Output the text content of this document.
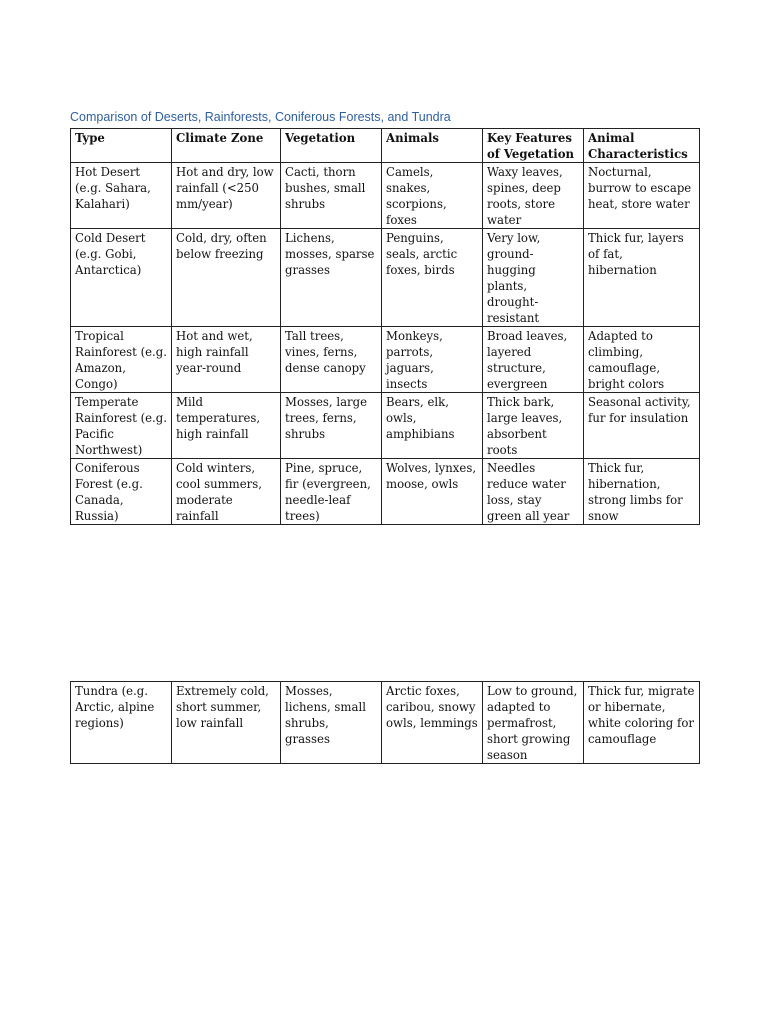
Comparison of Deserts, Rainforests, Coniferous Forests, and Tundra
Type	Climate Zone	Vegetation	Animals	Key Features of Vegetation	Animal Characteristics
Hot Desert (e.g. Sahara, Kalahari)	Hot and dry, low rainfall (<250 mm/year)	Cacti, thorn bushes, small shrubs	Camels, snakes, scorpions, foxes	Waxy leaves, spines, deep roots, store water	Nocturnal, burrow to escape heat, store water
Cold Desert (e.g. Gobi, Antarctica)	Cold, dry, often below freezing	Lichens, mosses, sparse grasses	Penguins, seals, arctic foxes, birds	Very low, ground-hugging plants, drought-resistant	Thick fur, layers of fat, hibernation
Tropical Rainforest (e.g. Amazon, Congo)	Hot and wet, high rainfall year-round	Tall trees, vines, ferns, dense canopy	Monkeys, parrots, jaguars, insects	Broad leaves, layered structure, evergreen	Adapted to climbing, camouflage, bright colors
Temperate Rainforest (e.g. Pacific Northwest)	Mild temperatures, high rainfall	Mosses, large trees, ferns, shrubs	Bears, elk, owls, amphibians	Thick bark, large leaves, absorbent roots	Seasonal activity, fur for insulation
Coniferous Forest (e.g. Canada, Russia)	Cold winters, cool summers, moderate rainfall	Pine, spruce, fir (evergreen, needle-leaf trees)	Wolves, lynxes, moose, owls	Needles reduce water loss, stay green all year	Thick fur, hibernation, strong limbs for snow
Tundra (e.g. Arctic, alpine regions)	Extremely cold, short summer, low rainfall	Mosses, lichens, small shrubs, grasses	Arctic foxes, caribou, snowy owls, lemmings	Low to ground, adapted to permafrost, short growing season	Thick fur, migrate or hibernate, white coloring for camouflage
